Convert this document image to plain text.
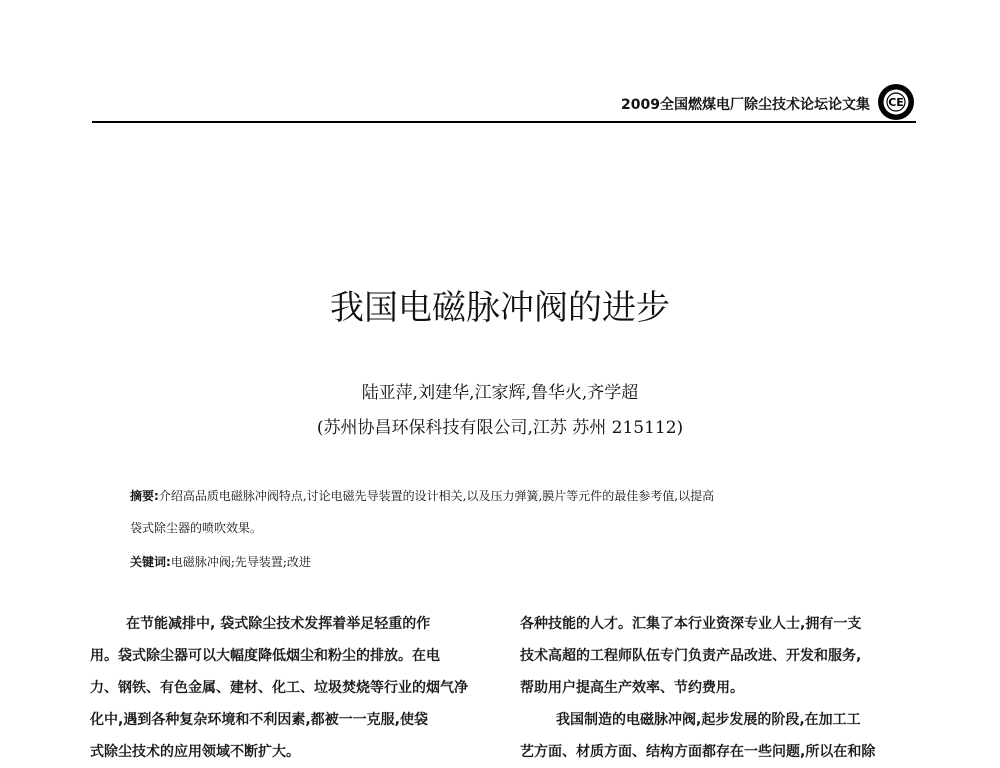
2009全国燃煤电厂除尘技术论坛论文集 CE
我国电磁脉冲阀的进步
陆亚萍,刘建华,江家辉,鲁华火,齐学超
(苏州协昌环保科技有限公司,江苏 苏州 215112)
摘要:介绍高品质电磁脉冲阀特点,讨论电磁先导装置的设计相关,以及压力弹簧,膜片等元件的最佳参考值,以提高
袋式除尘器的喷吹效果。
关键词:电磁脉冲阀;先导装置;改进
在节能减排中, 袋式除尘技术发挥着举足轻重的作
用。袋式除尘器可以大幅度降低烟尘和粉尘的排放。在电
力、钢铁、有色金属、建材、化工、垃圾焚烧等行业的烟气净
化中,遇到各种复杂环境和不利因素,都被一一克服,使袋
式除尘技术的应用领域不断扩大。
各种技能的人才。汇集了本行业资深专业人士,拥有一支
技术高超的工程师队伍专门负责产品改进、开发和服务,
帮助用户提高生产效率、节约费用。
我国制造的电磁脉冲阀,起步发展的阶段,在加工工
艺方面、材质方面、结构方面都存在一些问题,所以在和除
